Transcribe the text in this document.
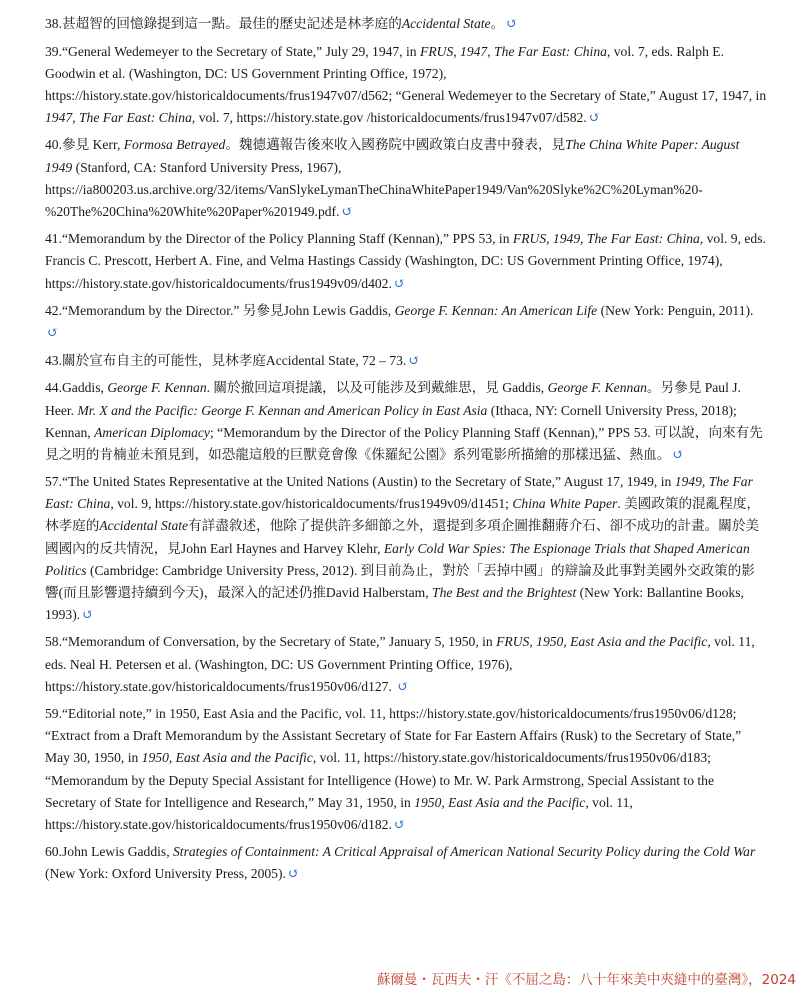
38.甚超智的回憶錄提到這一點。最佳的歷史記述是林孝庭的Accidental State。 ↺

39.“General Wedemeyer to the Secretary of State,” July 29, 1947, in FRUS, 1947, The Far East: China, vol. 7, eds. Ralph E. Goodwin et al. (Washington, DC: US Government Printing Office, 1972), https://history.state.gov/historicaldocuments/frus1947v07/d562; “General Wedemeyer to the Secretary of State,” August 17, 1947, in 1947, The Far East: China, vol. 7, https://history.state.gov /historicaldocuments/frus1947v07/d582. ↺

40.參見 Kerr, Formosa Betrayed。魏德邁報告後來收入國務院中國政策白皮書中發表，見The China White Paper: August 1949 (Stanford, CA: Stanford University Press, 1967), https://ia800203.us.archive.org/32/items/VanSlykeLymanTheChinaWhitePaper1949/Van%20Slyke%2C%20Lyman%20-%20The%20China%20White%20Paper%201949.pdf. ↺

41.“Memorandum by the Director of the Policy Planning Staff (Kennan),” PPS 53, in FRUS, 1949, The Far East: China, vol. 9, eds. Francis C. Prescott, Herbert A. Fine, and Velma Hastings Cassidy (Washington, DC: US Government Printing Office, 1974), https://history.state.gov/historicaldocuments/frus1949v09/d402. ↺

42.“Memorandum by the Director.” 另參見John Lewis Gaddis, George F. Kennan: An American Life (New York: Penguin, 2011). ↺

43.關於宣布自主的可能性，見林孝庭Accidental State, 72 – 73. ↺

44.Gaddis, George F. Kennan. 關於撤回這項提議，以及可能涉及到戴維思，見 Gaddis, George F. Kennan。另參見 Paul J. Heer. Mr. X and the Pacific: George F. Kennan and American Policy in East Asia (Ithaca, NY: Cornell University Press, 2018); Kennan, American Diplomacy; “Memorandum by the Director of the Policy Planning Staff (Kennan),” PPS 53. 可以說，向來有先見之明的肯楠並未預見到，如恐龍這般的巨獸竟會像《侏羅紀公園》系列電影所描繪的那樣迅猛、熱血。 ↺

57.“The United States Representative at the United Nations (Austin) to the Secretary of State,” August 17, 1949, in 1949, The Far East: China, vol. 9, https://history.state.gov/historicaldocuments/frus1949v09/d1451; China White Paper. 美國政策的混亂程度，林孝庭的Accidental State有詳盡敘述，他除了提供許多細節之外，還提到多項企圖推翻蔣介石、卻不成功的計畫。關於美國國內的反共情況，見John Earl Haynes and Harvey Klehr, Early Cold War Spies: The Espionage Trials that Shaped American Politics (Cambridge: Cambridge University Press, 2012). 到目前為止，對於「丟掉中國」的辯論及此事對美國外交政策的影響(而且影響還持續到今天)，最深入的記述仍推David Halberstam, The Best and the Brightest (New York: Ballantine Books, 1993). ↺

58.“Memorandum of Conversation, by the Secretary of State,” January 5, 1950, in FRUS, 1950, East Asia and the Pacific, vol. 11, eds. Neal H. Petersen et al. (Washington, DC: US Government Printing Office, 1976), https://history.state.gov/historicaldocuments/frus1950v06/d127. ↺

59.“Editorial note,” in 1950, East Asia and the Pacific, vol. 11, https://history.state.gov/historicaldocuments/frus1950v06/d128; “Extract from a Draft Memorandum by the Assistant Secretary of State for Far Eastern Affairs (Rusk) to the Secretary of State,” May 30, 1950, in 1950, East Asia and the Pacific, vol. 11, https://history.state.gov/historicaldocuments/frus1950v06/d183; “Memorandum by the Deputy Special Assistant for Intelligence (Howe) to Mr. W. Park Armstrong, Special Assistant to the Secretary of State for Intelligence and Research,” May 31, 1950, in 1950, East Asia and the Pacific, vol. 11, https://history.state.gov/historicaldocuments/frus1950v06/d182. ↺

60.John Lewis Gaddis, Strategies of Containment: A Critical Appraisal of American National Security Policy during the Cold War (New York: Oxford University Press, 2005). ↺

蘇爾曼・瓦西夫・汗《不屈之島：八十年來美中夾縫中的臺灣》，2024
